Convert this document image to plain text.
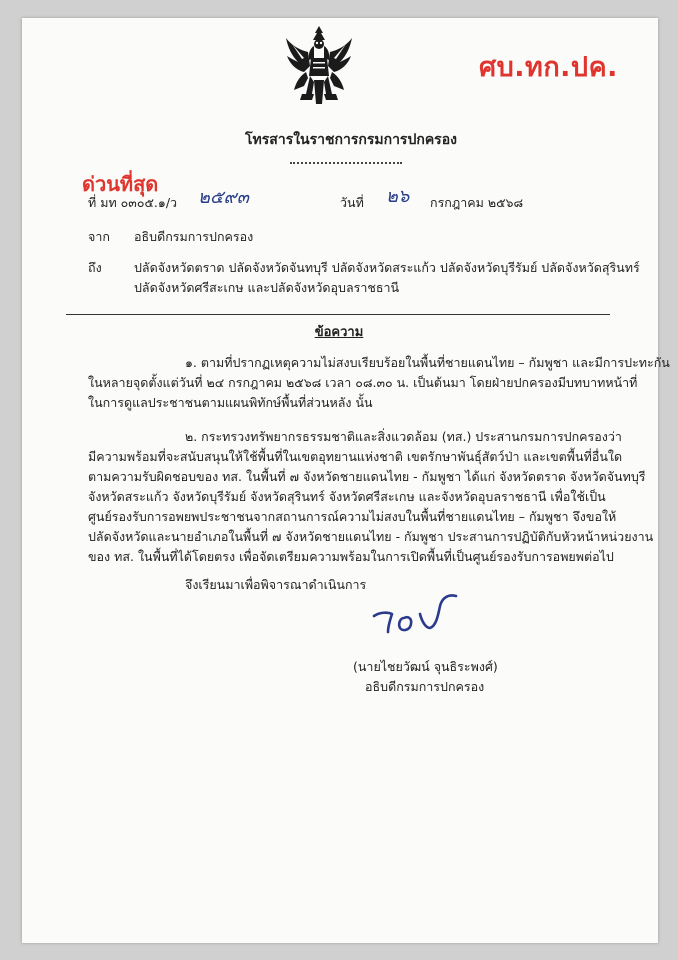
ศบ.ทก.ปค.
โทรสารในราชการกรมการปกครอง
ด่วนที่สุด
ที่ มท ๐๓๐๕.๑/ว ๒๕๙๓	วันที่ ๒๖ กรกฎาคม ๒๕๖๘
จาก อธิบดีกรมการปกครอง
ถึง	ปลัดจังหวัดตราด ปลัดจังหวัดจันทบุรี ปลัดจังหวัดสระแก้ว ปลัดจังหวัดบุรีรัมย์ ปลัดจังหวัดสุรินทร์
ปลัดจังหวัดศรีสะเกษ และปลัดจังหวัดอุบลราชธานี
ข้อความ
๑. ตามที่ปรากฏเหตุความไม่สงบเรียบร้อยในพื้นที่ชายแดนไทย – กัมพูชา และมีการปะทะกัน
ในหลายจุดตั้งแต่วันที่ ๒๔ กรกฎาคม ๒๕๖๘ เวลา ๐๘.๓๐ น. เป็นต้นมา โดยฝ่ายปกครองมีบทบาทหน้าที่
ในการดูแลประชาชนตามแผนพิทักษ์พื้นที่ส่วนหลัง นั้น
๒. กระทรวงทรัพยากรธรรมชาติและสิ่งแวดล้อม (ทส.) ประสานกรมการปกครองว่า
มีความพร้อมที่จะสนับสนุนให้ใช้พื้นที่ในเขตอุทยานแห่งชาติ เขตรักษาพันธุ์สัตว์ป่า และเขตพื้นที่อื่นใด
ตามความรับผิดชอบของ ทส. ในพื้นที่ ๗ จังหวัดชายแดนไทย - กัมพูชา ได้แก่ จังหวัดตราด จังหวัดจันทบุรี
จังหวัดสระแก้ว จังหวัดบุรีรัมย์ จังหวัดสุรินทร์ จังหวัดศรีสะเกษ และจังหวัดอุบลราชธานี เพื่อใช้เป็น
ศูนย์รองรับการอพยพประชาชนจากสถานการณ์ความไม่สงบในพื้นที่ชายแดนไทย – กัมพูชา จึงขอให้
ปลัดจังหวัดและนายอำเภอในพื้นที่ ๗ จังหวัดชายแดนไทย - กัมพูชา ประสานการปฏิบัติกับหัวหน้าหน่วยงาน
ของ ทส. ในพื้นที่ได้โดยตรง เพื่อจัดเตรียมความพร้อมในการเปิดพื้นที่เป็นศูนย์รองรับการอพยพต่อไป
จึงเรียนมาเพื่อพิจารณาดำเนินการ
(นายไชยวัฒน์ จุนธิระพงศ์)
อธิบดีกรมการปกครอง
